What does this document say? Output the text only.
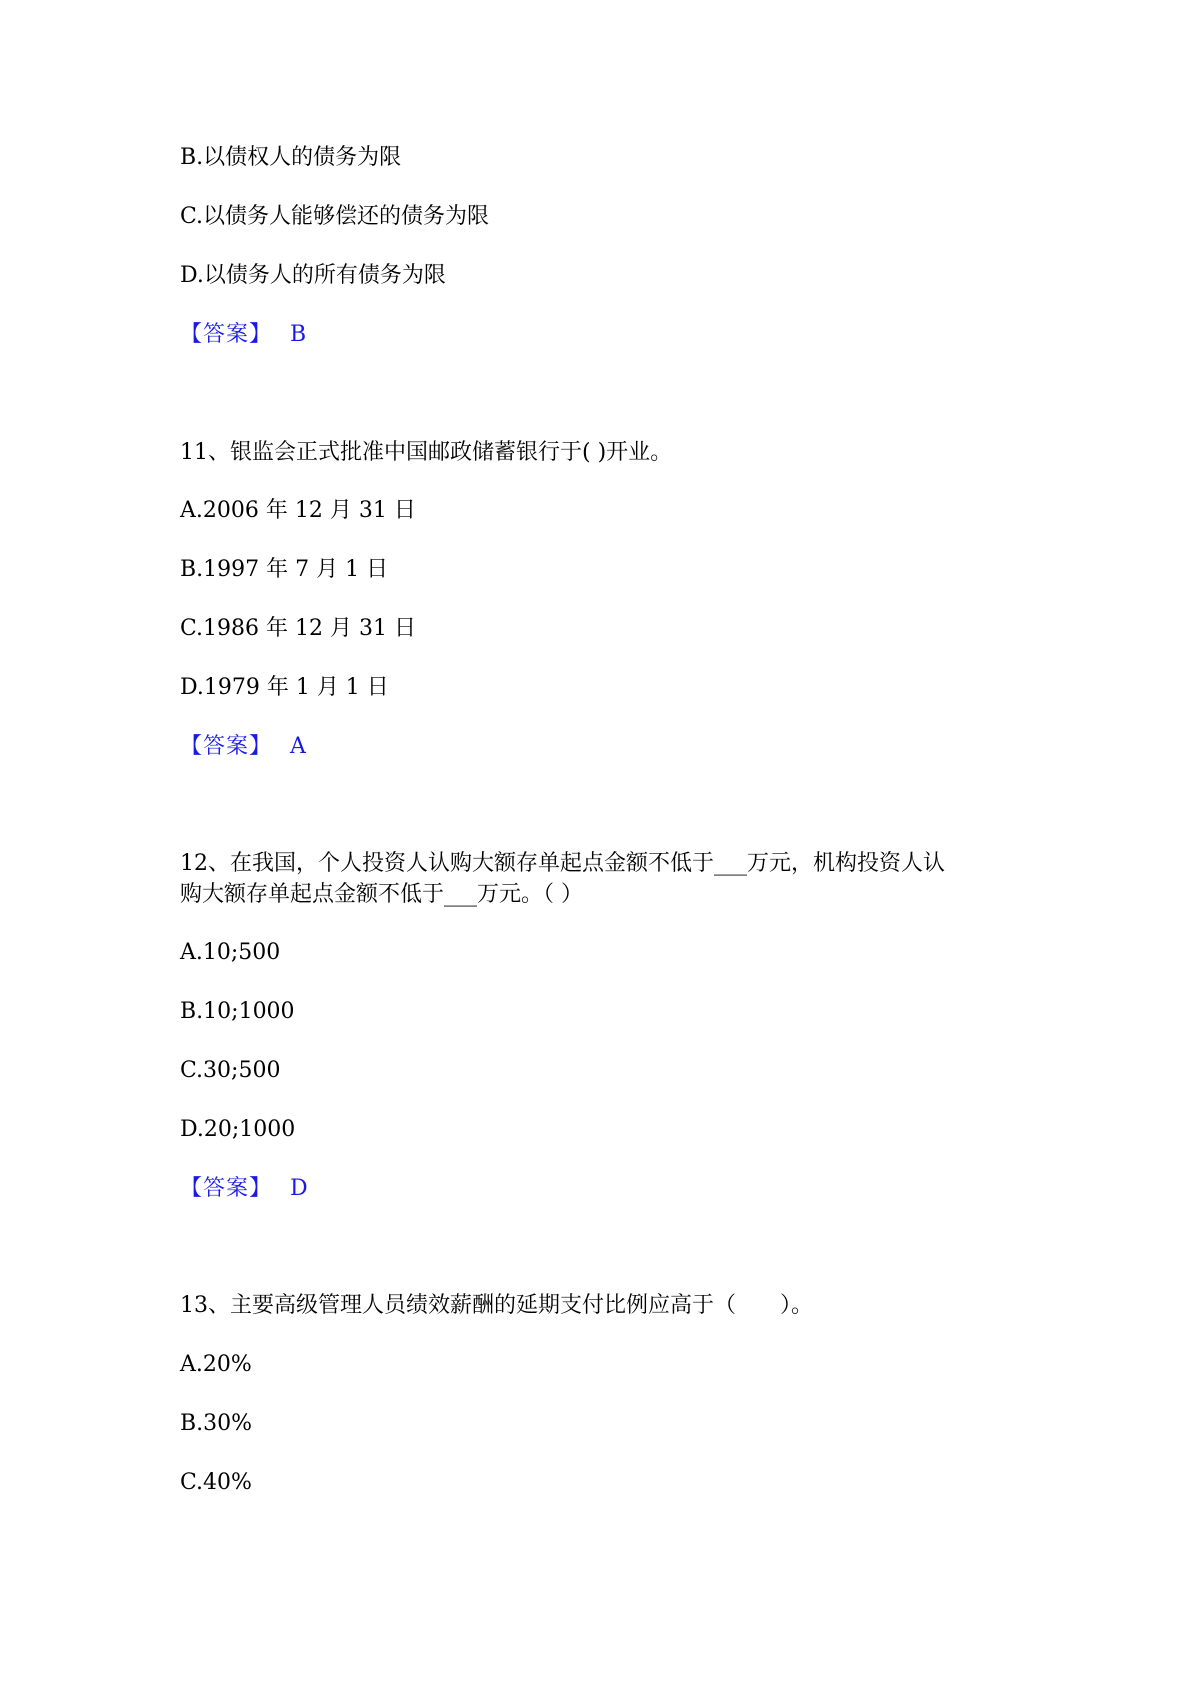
B.以债权人的债务为限
C.以债务人能够偿还的债务为限
D.以债务人的所有债务为限
【答案】 B
11、银监会正式批准中国邮政储蓄银行于( )开业。
A.2006 年 12 月 31 日
B.1997 年 7 月 1 日
C.1986 年 12 月 31 日
D.1979 年 1 月 1 日
【答案】 A
12、在我国，个人投资人认购大额存单起点金额不低于___万元，机构投资人认
购大额存单起点金额不低于___万元。（ ）
A.10;500
B.10;1000
C.30;500
D.20;1000
【答案】 D
13、主要高级管理人员绩效薪酬的延期支付比例应高于（　　）。
A.20%
B.30%
C.40%
